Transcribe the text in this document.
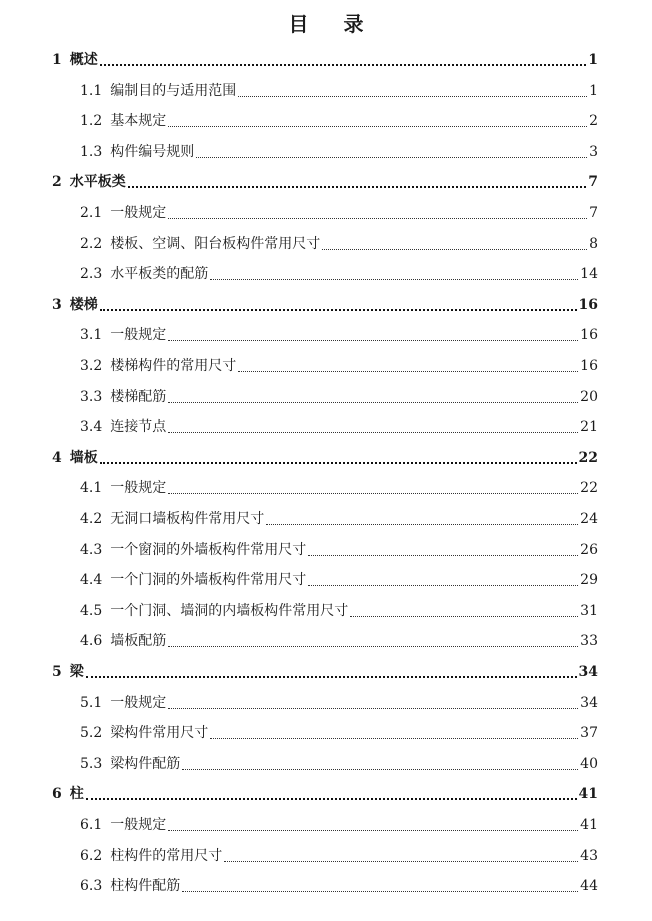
目 录
1 概述	1
1.1 编制目的与适用范围	1
1.2 基本规定	2
1.3 构件编号规则	3
2 水平板类	7
2.1 一般规定	7
2.2 楼板、空调、阳台板构件常用尺寸	8
2.3 水平板类的配筋	14
3 楼梯	16
3.1 一般规定	16
3.2 楼梯构件的常用尺寸	16
3.3 楼梯配筋	20
3.4 连接节点	21
4 墙板	22
4.1 一般规定	22
4.2 无洞口墙板构件常用尺寸	24
4.3 一个窗洞的外墙板构件常用尺寸	26
4.4 一个门洞的外墙板构件常用尺寸	29
4.5 一个门洞、墙洞的内墙板构件常用尺寸	31
4.6 墙板配筋	33
5 梁	34
5.1 一般规定	34
5.2 梁构件常用尺寸	37
5.3 梁构件配筋	40
6 柱	41
6.1 一般规定	41
6.2 柱构件的常用尺寸	43
6.3 柱构件配筋	44
